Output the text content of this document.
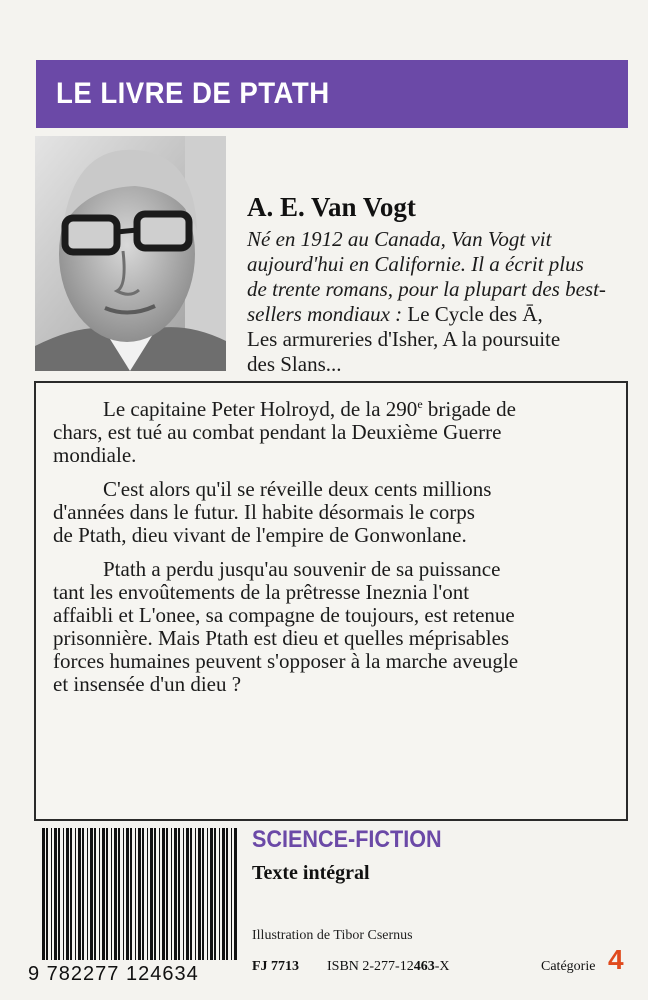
LE LIVRE DE PTATH
A. E. Van Vogt
Né en 1912 au Canada, Van Vogt vit
aujourd'hui en Californie. Il a écrit plus
de trente romans, pour la plupart des best-
sellers mondiaux : Le Cycle des Ā,
Les armureries d'Isher, A la poursuite
des Slans...
Le capitaine Peter Holroyd, de la 290e brigade de
chars, est tué au combat pendant la Deuxième Guerre
mondiale.
C'est alors qu'il se réveille deux cents millions
d'années dans le futur. Il habite désormais le corps
de Ptath, dieu vivant de l'empire de Gonwonlane.
Ptath a perdu jusqu'au souvenir de sa puissance
tant les envoûtements de la prêtresse Ineznia l'ont
affaibli et L'onee, sa compagne de toujours, est retenue
prisonnière. Mais Ptath est dieu et quelles méprisables
forces humaines peuvent s'opposer à la marche aveugle
et insensée d'un dieu ?
9 782277 124634
SCIENCE-FICTION
Texte intégral
Illustration de Tibor Csernus
FJ 7713 ISBN 2-277-12463-X	Catégorie 4
